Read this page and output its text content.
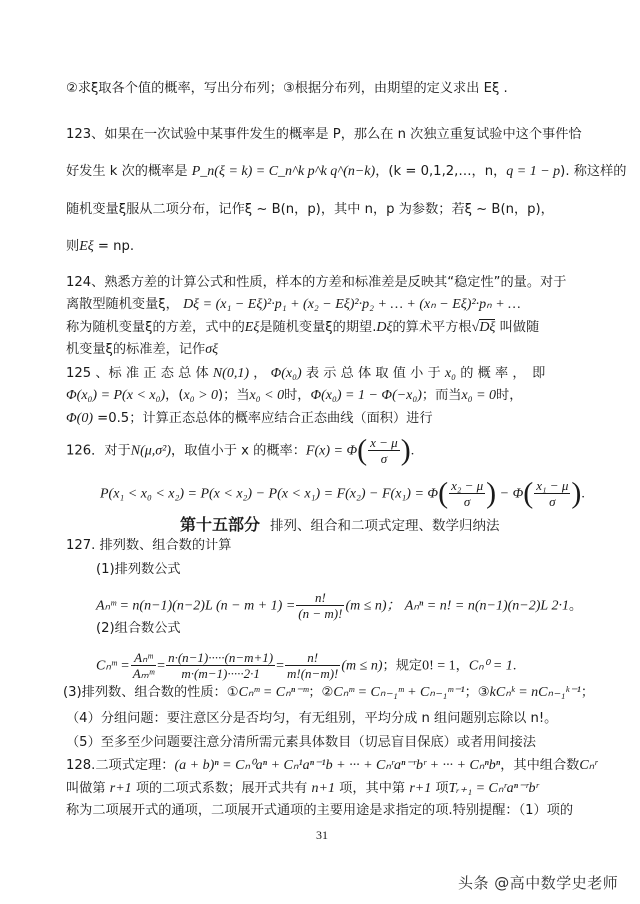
②求ξ取各个值的概率，写出分布列；③根据分布列，由期望的定义求出 Eξ .
123、如果在一次试验中某事件发生的概率是 P，那么在 n 次独立重复试验中这个事件恰
好发生 k 次的概率是 P_n(ξ = k) = C_n^k p^k q^(n−k)，(k = 0,1,2,…，n，q = 1 − p). 称这样的
随机变量ξ服从二项分布，记作ξ ~ B(n，p)，其中 n，p 为参数；若ξ ~ B(n，p)，
则Eξ = np.
124、熟悉方差的计算公式和性质，样本的方差和标准差是反映其“稳定性”的量。对于
离散型随机变量ξ， Dξ = (x₁ − Eξ)²·p₁ + (x₂ − Eξ)²·p₂ + … + (xₙ − Eξ)²·pₙ + …
称为随机变量ξ的方差，式中的Eξ是随机变量ξ的期望.Dξ的算术平方根√Dξ 叫做随
机变量ξ的标准差，记作σξ
125 、标 准 正 态 总 体 N(0,1) ， Φ(x₀) 表 示 总 体 取 值 小 于 x₀ 的 概 率 ，　即
Φ(x₀) = P(x < x₀)，(x₀ > 0)；当x₀ < 0时，Φ(x₀) = 1 − Φ(−x₀)；而当x₀ = 0时，
Φ(0) =0.5；计算正态总体的概率应结合正态曲线（面积）进行
126．对于N(μ,σ²)，取值小于 x 的概率：$F(x) = \Phi( \frac{x - \mu}{\sigma}$ ).
$P(x_1 < x_0 < x_2) = P(x < x_2) - P(x < x_1) = F(x_2) - F(x_1) = \Phi( \frac{\text{x₂ − μ}}{\sigma}$ ) − $\Phi( \frac{\text{x₁ − μ}}{\sigma}$ ).
第十五部分 排列、组合和二项式定理、数学归纳法
127. 排列数、组合数的计算
(1)排列数公式
Aₙᵐ = n(n−1)(n−2)L $(n - m + 1) = \frac{n!}{(n - m)!} (m \le n)$； Aₙⁿ = n! = n(n−1)(n−2)L 2·1。
(2)组合数公式
Cₙᵐ = $\frac{\text{Aₙᵐ}}{\text{Aₘᵐ}} = \frac{n\cdot(n-1)\cdot\cdot\cdot\cdot\cdot(n-m+1)}{m\cdot(m-1)\cdot\cdot\cdot\cdot\cdot 2\cdot 1} = \frac{n!}{m!(n-m)!} (m \le n)$；规定0! = 1，Cₙ⁰ = 1.
(3)排列数、组合数的性质：①Cₙᵐ = Cₙⁿ⁻ᵐ；②Cₙᵐ = Cₙ₋₁ᵐ + Cₙ₋₁ᵐ⁻¹；③kCₙᵏ = nCₙ₋₁ᵏ⁻¹；
（4）分组问题：要注意区分是否均匀，有无组别，平均分成 n 组问题别忘除以 n!。
（5）至多至少问题要注意分清所需元素具体数目（切忌盲目保底）或者用间接法
128.二项式定理：(a + b)ⁿ = Cₙ⁰aⁿ + Cₙ¹aⁿ⁻¹b + ··· + Cₙʳaⁿ⁻ʳbʳ + ··· + Cₙⁿbⁿ，其中组合数Cₙʳ
叫做第 r+1 项的二项式系数；展开式共有 n+1 项，其中第 r+1 项Tᵣ₊₁ = Cₙʳaⁿ⁻ʳbʳ
称为二项展开式的通项，二项展开式通项的主要用途是求指定的项.特别提醒：（1）项的
31
头条 @高中数学史老师
